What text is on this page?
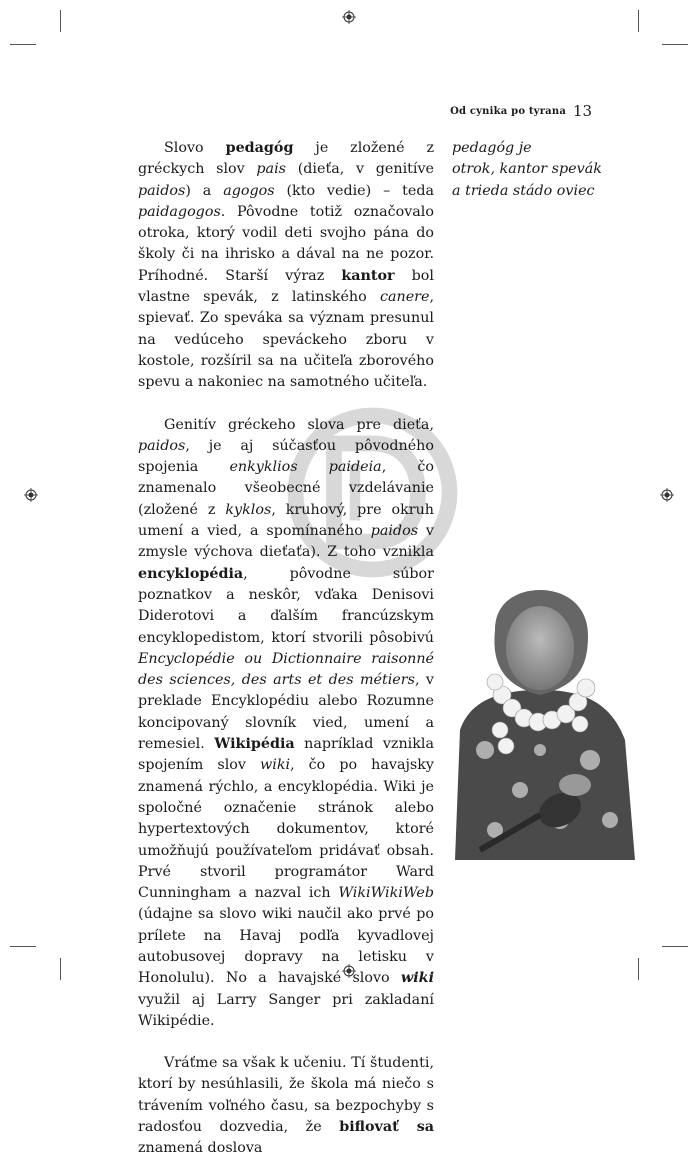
Od cynika po tyrana 13
pedagóg je
otrok, kantor spevák
a trieda stádo oviec

Slovo pedagóg je zložené z gréckych slov pais (dieťa, v genitíve paidos) a agogos (kto vedie) – teda paidagogos. Pôvodne totiž označovalo otroka, ktorý vodil deti svojho pána do školy či na ihrisko a dával na ne pozor. Príhodné. Starší výraz kantor bol vlastne spevák, z latinského canere, spievať. Zo speváka sa význam presunul na vedúceho speváckeho zboru v kostole, rozšíril sa na učiteľa zborového spevu a nakoniec na samotného učiteľa.

Genitív gréckeho slova pre dieťa, paidos, je aj súčasťou pôvodného spojenia enkyklios paideia, čo znamenalo všeobecné vzdelávanie (zložené z kyklos, kruhový, pre okruh umení a vied, a spomínaného paidos v zmysle výchova dieťaťa). Z toho vznikla encyklopédia, pôvodne súbor poznatkov a neskôr, vďaka Denisovi Diderotovi a ďalším francúzskym encyklopedistom, ktorí stvorili pôsobivú Encyclopédie ou Dictionnaire raisonné des sciences, des arts et des métiers, v preklade Encyklopédiu alebo Rozumne koncipovaný slovník vied, umení a remesiel. Wikipédia napríklad vznikla spojením slov wiki, čo po havajsky znamená rýchlo, a encyklopédia. Wiki je spoločné označenie stránok alebo hypertextových dokumentov, ktoré umožňujú používateľom pridávať obsah. Prvé stvoril programátor Ward Cunningham a nazval ich WikiWikiWeb (údajne sa slovo wiki naučil ako prvé po prílete na Havaj podľa kyvadlovej autobusovej dopravy na letisku v Honolulu). No a havajské slovo wiki využil aj Larry Sanger pri zakladaní Wikipédie.

Vráťme sa však k učeniu. Tí študenti, ktorí by nesúhlasili, že škola má niečo s trávením voľného času, sa bezpochyby s radosťou dozvedia, že biflovať sa znamená doslova
